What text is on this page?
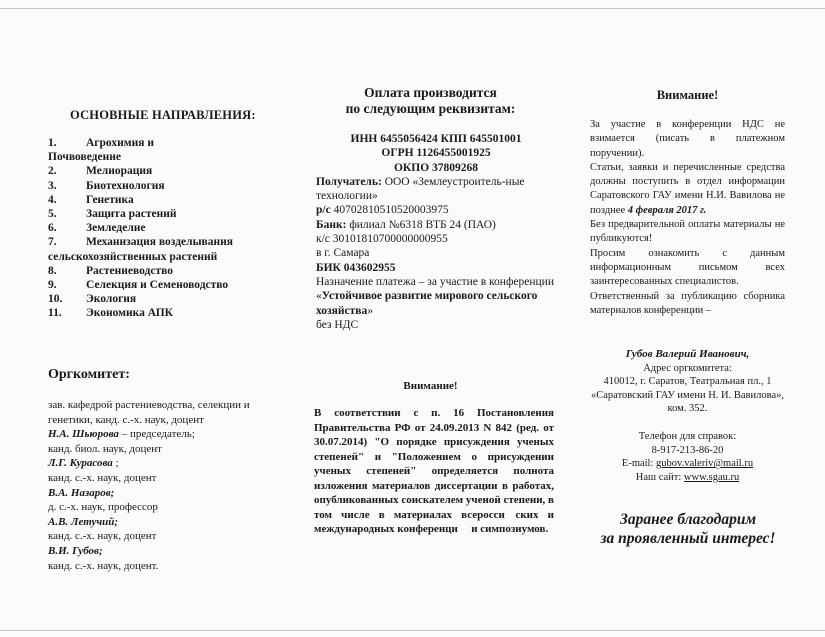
ОСНОВНЫЕ НАПРАВЛЕНИЯ:
1.	Агрохимия и
Почвоведение
2.	Мелиорация
3.	Биотехнология
4.	Генетика
5.	Защита растений
6.	Земледелие
7.	Механизация возделывания
сельскохозяйственных растений
8.	Растениеводство
9.	Селекция и Семеноводство
10.	Экология
11.	Экономика АПК
Оргкомитет:
зав. кафедрой растениеводства, селекции и генетики, канд. с.-х. наук, доцент
Н.А. Шьюрова – председатель;
канд. биол. наук, доцент
Л.Г. Курасова ;
канд. с.-х. наук, доцент
В.А. Назаров;
д. с.-х. наук, профессор
А.В. Летучий;
канд. с.-х. наук, доцент
В.И. Губов;
канд. с.-х. наук, доцент.
Оплата производится
по следующим реквизитам:
ИНН 6455056424 КПП 645501001
ОГРН 1126455001925
ОКПО 37809268
Получатель: ООО «Землеустроитель-ные технологии»
р/с 40702810510520003975
Банк: филиал №6318 ВТБ 24 (ПАО)
к/с 30101810700000000955
в г. Самара
БИК 043602955
Назначение платежа – за участие в конференции «Устойчивое развитие мирового сельского хозяйства»
без НДС
Внимание!
В соответствии с п. 16 Постановления Правительства РФ от 24.09.2013 N 842 (ред. от 30.07.2014) "О порядке присуждения ученых степеней" и "Положением о присуждении ученых степеней" определяется полнота изложения материалов диссертации в работах, опубликованных соискателем ученой степени, в том числе в материалах всероссиᅟских и международных конференциᅟ и симпозиумов.
Внимание!

За участие в конференции НДС не взимается (писать в платежном поручении).

Статьи, заявки и перечисленные средства должны поступить в отдел информации Саратовского ГАУ имени Н.И. Вавилова не позднее 4 февраля 2017 г.

Без предварительной оплаты материалы не публикуются!

Просим ознакомить с данным информационным письмом всех заинтересованных специалистов.

Ответственный за публикацию сборника материалов конференции –

Губов Валерий Иванович,
Адрес оргкомитета:
410012, г. Саратов, Театральная пл., 1
«Саратовский ГАУ имени Н. И. Вавилова»,
ком. 352.
Телефон для справок:
8-917-213-86-20
E-mail: gubov.valeriv@mail.ru
Наш сайт: www.sgau.ru
Заранее благодарим
за проявленный интерес!
